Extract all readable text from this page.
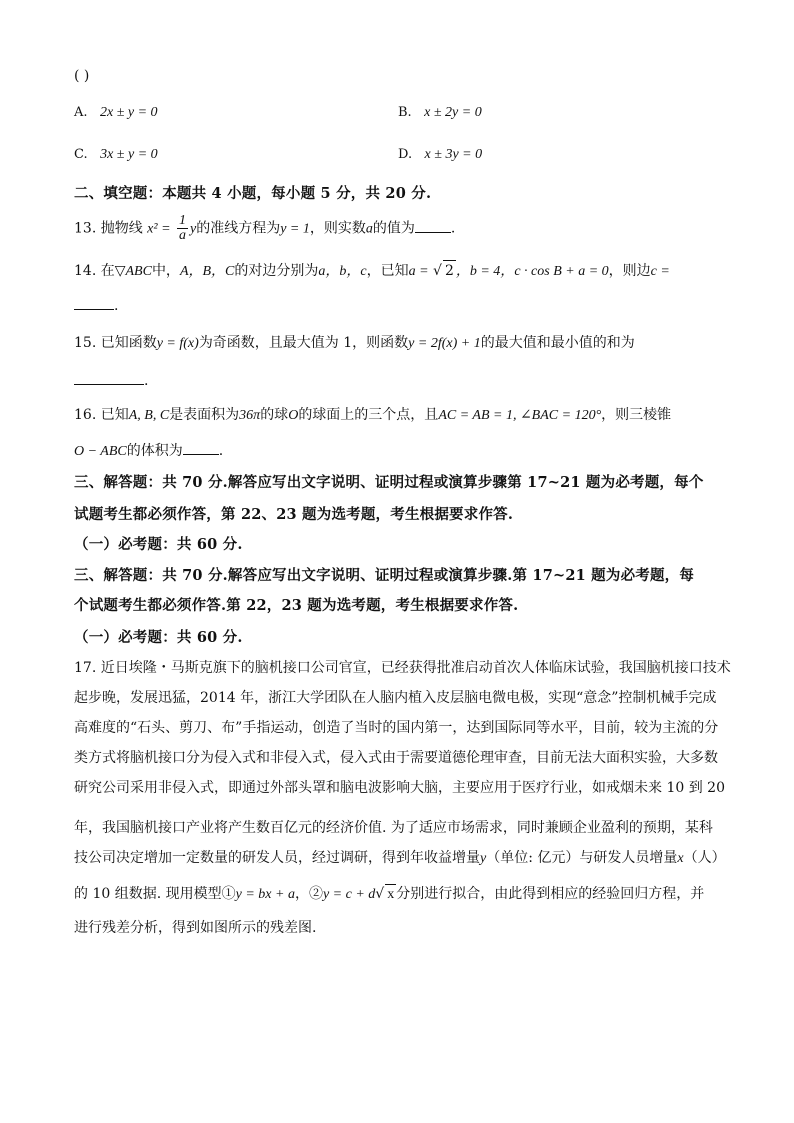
( )
A. 2x ± y = 0	B. x ± 2y = 0
C. 3x ± y = 0	D. x ± 3y = 0
二、填空题：本题共 4 小题，每小题 5 分，共 20 分.
13. 抛物线 $x^2 = \frac{1}{a}$ y的准线方程为y = 1，则实数a的值为	.
14. 在▽ABC中，A，B，C的对边分别为a，b，c，已知a = √ 2 ，b = 4，c · cos B + a = 0，则边c =
.
15. 已知函数y = f(x)为奇函数，且最大值为 1，则函数y = 2f(x) + 1的最大值和最小值的和为
.
16. 已知A, B, C是表面积为36π的球O的球面上的三个点，且AC = AB = 1, ∠BAC = 120°，则三棱锥
O − ABC的体积为	.
三、解答题：共 70 分.解答应写出文字说明、证明过程或演算步骤第 17~21 题为必考题，每个
试题考生都必须作答，第 22、23 题为选考题，考生根据要求作答.
（一）必考题：共 60 分.
三、解答题：共 70 分.解答应写出文字说明、证明过程或演算步骤.第 17~21 题为必考题，每
个试题考生都必须作答.第 22，23 题为选考题，考生根据要求作答.
（一）必考题：共 60 分.
17. 近日埃隆・马斯克旗下的脑机接口公司官宣，已经获得批准启动首次人体临床试验，我国脑机接口技术
起步晚，发展迅猛，2014 年，浙江大学团队在人脑内植入皮层脑电微电极，实现“意念”控制机械手完成
高难度的“石头、剪刀、布”手指运动，创造了当时的国内第一，达到国际同等水平，目前，较为主流的分
类方式将脑机接口分为侵入式和非侵入式，侵入式由于需要道德伦理审查，目前无法大面积实验，大多数
研究公司采用非侵入式，即通过外部头罩和脑电波影响大脑，主要应用于医疗行业，如戒烟未来 10 到 20
年，我国脑机接口产业将产生数百亿元的经济价值. 为了适应市场需求，同时兼顾企业盈利的预期，某科
技公司决定增加一定数量的研发人员，经过调研，得到年收益增量y（单位: 亿元）与研发人员增量x（人）
的 10 组数据. 现用模型①y = bx + a，②y = c + d√ x 分别进行拟合，由此得到相应的经验回归方程，并
进行残差分析，得到如图所示的残差图.
